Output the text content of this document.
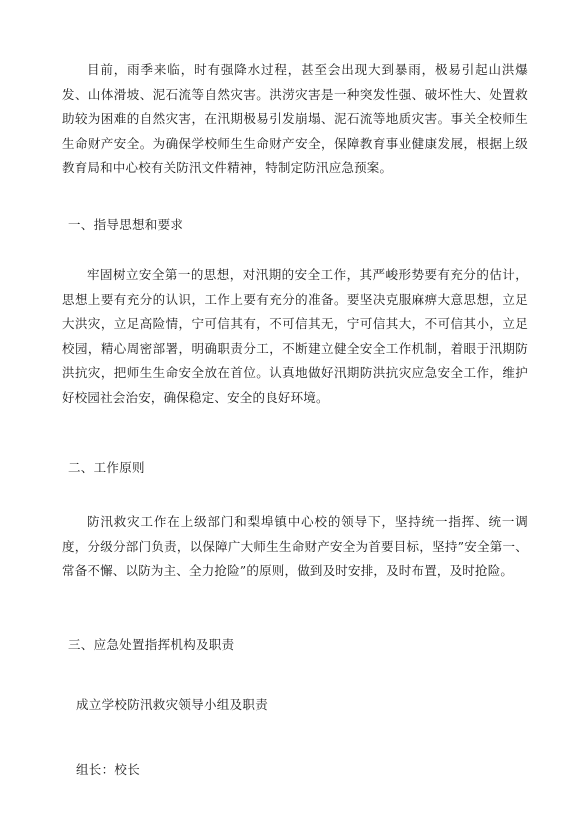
目前，雨季来临，时有强降水过程，甚至会出现大到暴雨，极易引起山洪爆发、山体滑坡、泥石流等自然灾害。洪涝灾害是一种突发性强、破坏性大、处置救助较为困难的自然灾害，在汛期极易引发崩塌、泥石流等地质灾害。事关全校师生生命财产安全。为确保学校师生生命财产安全，保障教育事业健康发展，根据上级教育局和中心校有关防汛文件精神，特制定防汛应急预案。

一、指导思想和要求

牢固树立安全第一的思想，对汛期的安全工作，其严峻形势要有充分的估计，思想上要有充分的认识，工作上要有充分的准备。要坚决克服麻痹大意思想，立足大洪灾，立足高险情，宁可信其有，不可信其无，宁可信其大，不可信其小，立足校园，精心周密部署，明确职责分工，不断建立健全安全工作机制，着眼于汛期防洪抗灾，把师生生命安全放在首位。认真地做好汛期防洪抗灾应急安全工作，维护好校园社会治安，确保稳定、安全的良好环境。

二、工作原则

防汛救灾工作在上级部门和梨埠镇中心校的领导下，坚持统一指挥、统一调度，分级分部门负责，以保障广大师生生命财产安全为首要目标，坚持”安全第一、常备不懈、以防为主、全力抢险”的原则，做到及时安排，及时布置，及时抢险。

三、应急处置指挥机构及职责

成立学校防汛救灾领导小组及职责

组长：校长
